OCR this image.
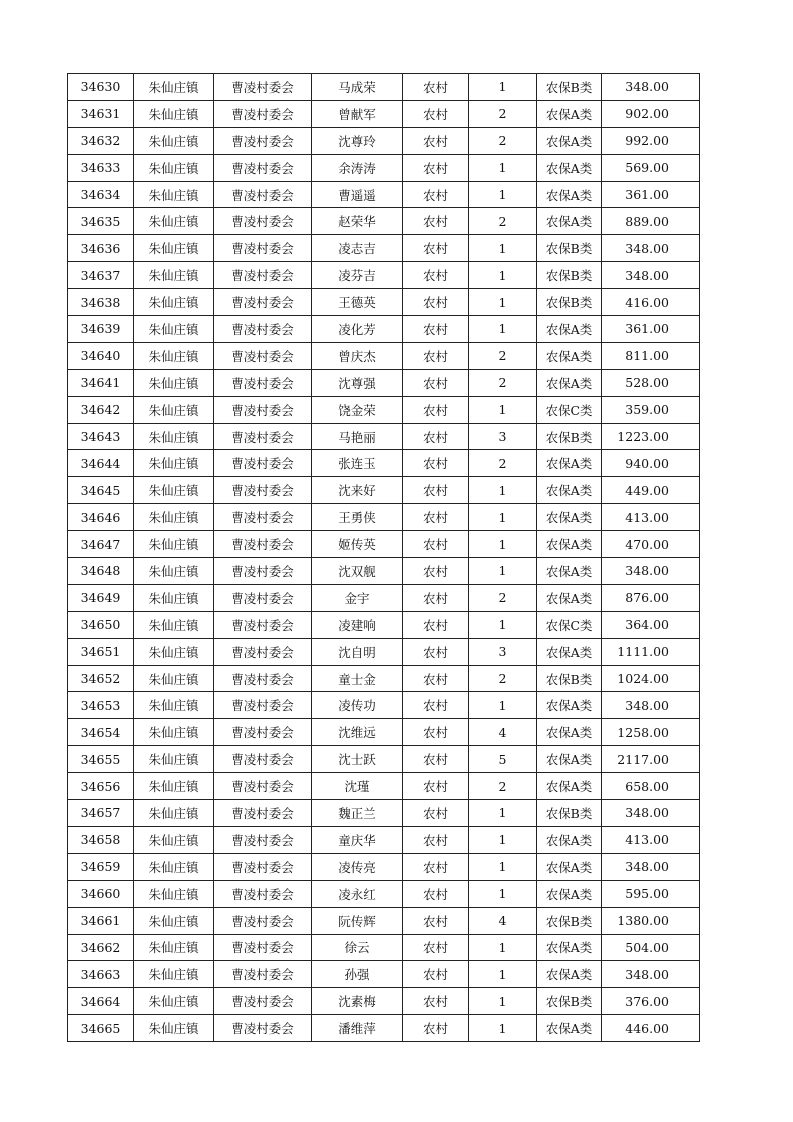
34630	朱仙庄镇	曹凌村委会	马成荣	农村	1	农保B类	348.00
34631	朱仙庄镇	曹凌村委会	曾献军	农村	2	农保A类	902.00
34632	朱仙庄镇	曹凌村委会	沈尊玲	农村	2	农保A类	992.00
34633	朱仙庄镇	曹凌村委会	余涛涛	农村	1	农保A类	569.00
34634	朱仙庄镇	曹凌村委会	曹遥遥	农村	1	农保A类	361.00
34635	朱仙庄镇	曹凌村委会	赵荣华	农村	2	农保A类	889.00
34636	朱仙庄镇	曹凌村委会	凌志吉	农村	1	农保B类	348.00
34637	朱仙庄镇	曹凌村委会	凌芬吉	农村	1	农保B类	348.00
34638	朱仙庄镇	曹凌村委会	王德英	农村	1	农保B类	416.00
34639	朱仙庄镇	曹凌村委会	凌化芳	农村	1	农保A类	361.00
34640	朱仙庄镇	曹凌村委会	曾庆杰	农村	2	农保A类	811.00
34641	朱仙庄镇	曹凌村委会	沈尊强	农村	2	农保A类	528.00
34642	朱仙庄镇	曹凌村委会	饶金荣	农村	1	农保C类	359.00
34643	朱仙庄镇	曹凌村委会	马艳丽	农村	3	农保B类	1223.00
34644	朱仙庄镇	曹凌村委会	张连玉	农村	2	农保A类	940.00
34645	朱仙庄镇	曹凌村委会	沈来好	农村	1	农保A类	449.00
34646	朱仙庄镇	曹凌村委会	王勇侠	农村	1	农保A类	413.00
34647	朱仙庄镇	曹凌村委会	姬传英	农村	1	农保A类	470.00
34648	朱仙庄镇	曹凌村委会	沈双舰	农村	1	农保A类	348.00
34649	朱仙庄镇	曹凌村委会	金宇	农村	2	农保A类	876.00
34650	朱仙庄镇	曹凌村委会	凌建响	农村	1	农保C类	364.00
34651	朱仙庄镇	曹凌村委会	沈自明	农村	3	农保A类	1111.00
34652	朱仙庄镇	曹凌村委会	童士金	农村	2	农保B类	1024.00
34653	朱仙庄镇	曹凌村委会	凌传功	农村	1	农保A类	348.00
34654	朱仙庄镇	曹凌村委会	沈维远	农村	4	农保A类	1258.00
34655	朱仙庄镇	曹凌村委会	沈士跃	农村	5	农保A类	2117.00
34656	朱仙庄镇	曹凌村委会	沈瑾	农村	2	农保A类	658.00
34657	朱仙庄镇	曹凌村委会	魏正兰	农村	1	农保B类	348.00
34658	朱仙庄镇	曹凌村委会	童庆华	农村	1	农保A类	413.00
34659	朱仙庄镇	曹凌村委会	凌传亮	农村	1	农保A类	348.00
34660	朱仙庄镇	曹凌村委会	凌永红	农村	1	农保A类	595.00
34661	朱仙庄镇	曹凌村委会	阮传辉	农村	4	农保B类	1380.00
34662	朱仙庄镇	曹凌村委会	徐云	农村	1	农保A类	504.00
34663	朱仙庄镇	曹凌村委会	孙强	农村	1	农保A类	348.00
34664	朱仙庄镇	曹凌村委会	沈素梅	农村	1	农保B类	376.00
34665	朱仙庄镇	曹凌村委会	潘维萍	农村	1	农保A类	446.00
